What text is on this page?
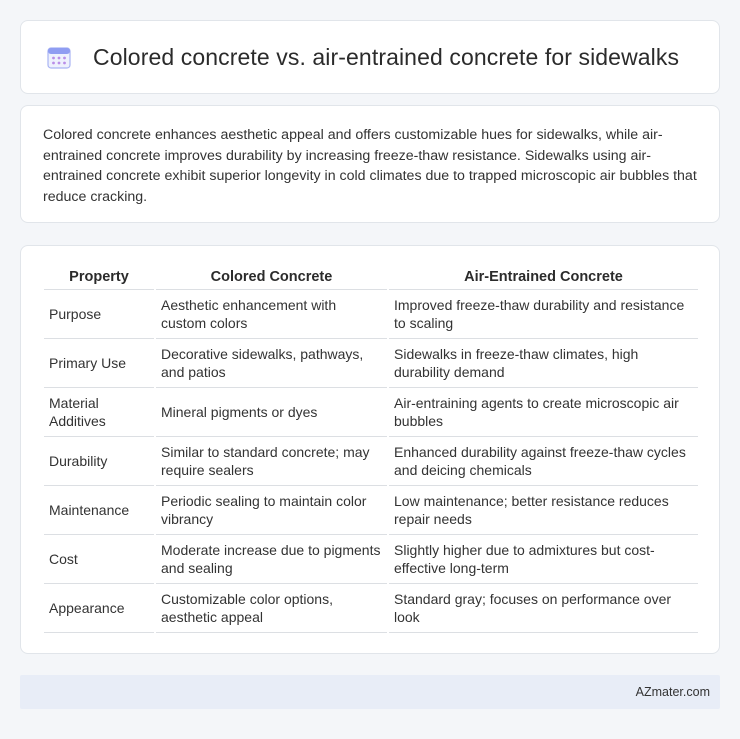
Colored concrete vs. air-entrained concrete for sidewalks

Colored concrete enhances aesthetic appeal and offers customizable hues for sidewalks, while air-entrained concrete improves durability by increasing freeze-thaw resistance. Sidewalks using air-entrained concrete exhibit superior longevity in cold climates due to trapped microscopic air bubbles that reduce cracking.

Property	Colored Concrete	Air-Entrained Concrete
Purpose	Aesthetic enhancement with custom colors	Improved freeze-thaw durability and resistance to scaling
Primary Use	Decorative sidewalks, pathways, and patios	Sidewalks in freeze-thaw climates, high durability demand
Material Additives	Mineral pigments or dyes	Air-entraining agents to create microscopic air bubbles
Durability	Similar to standard concrete; may require sealers	Enhanced durability against freeze-thaw cycles and deicing chemicals
Maintenance	Periodic sealing to maintain color vibrancy	Low maintenance; better resistance reduces repair needs
Cost	Moderate increase due to pigments and sealing	Slightly higher due to admixtures but cost-effective long-term
Appearance	Customizable color options, aesthetic appeal	Standard gray; focuses on performance over look
AZmater.com
